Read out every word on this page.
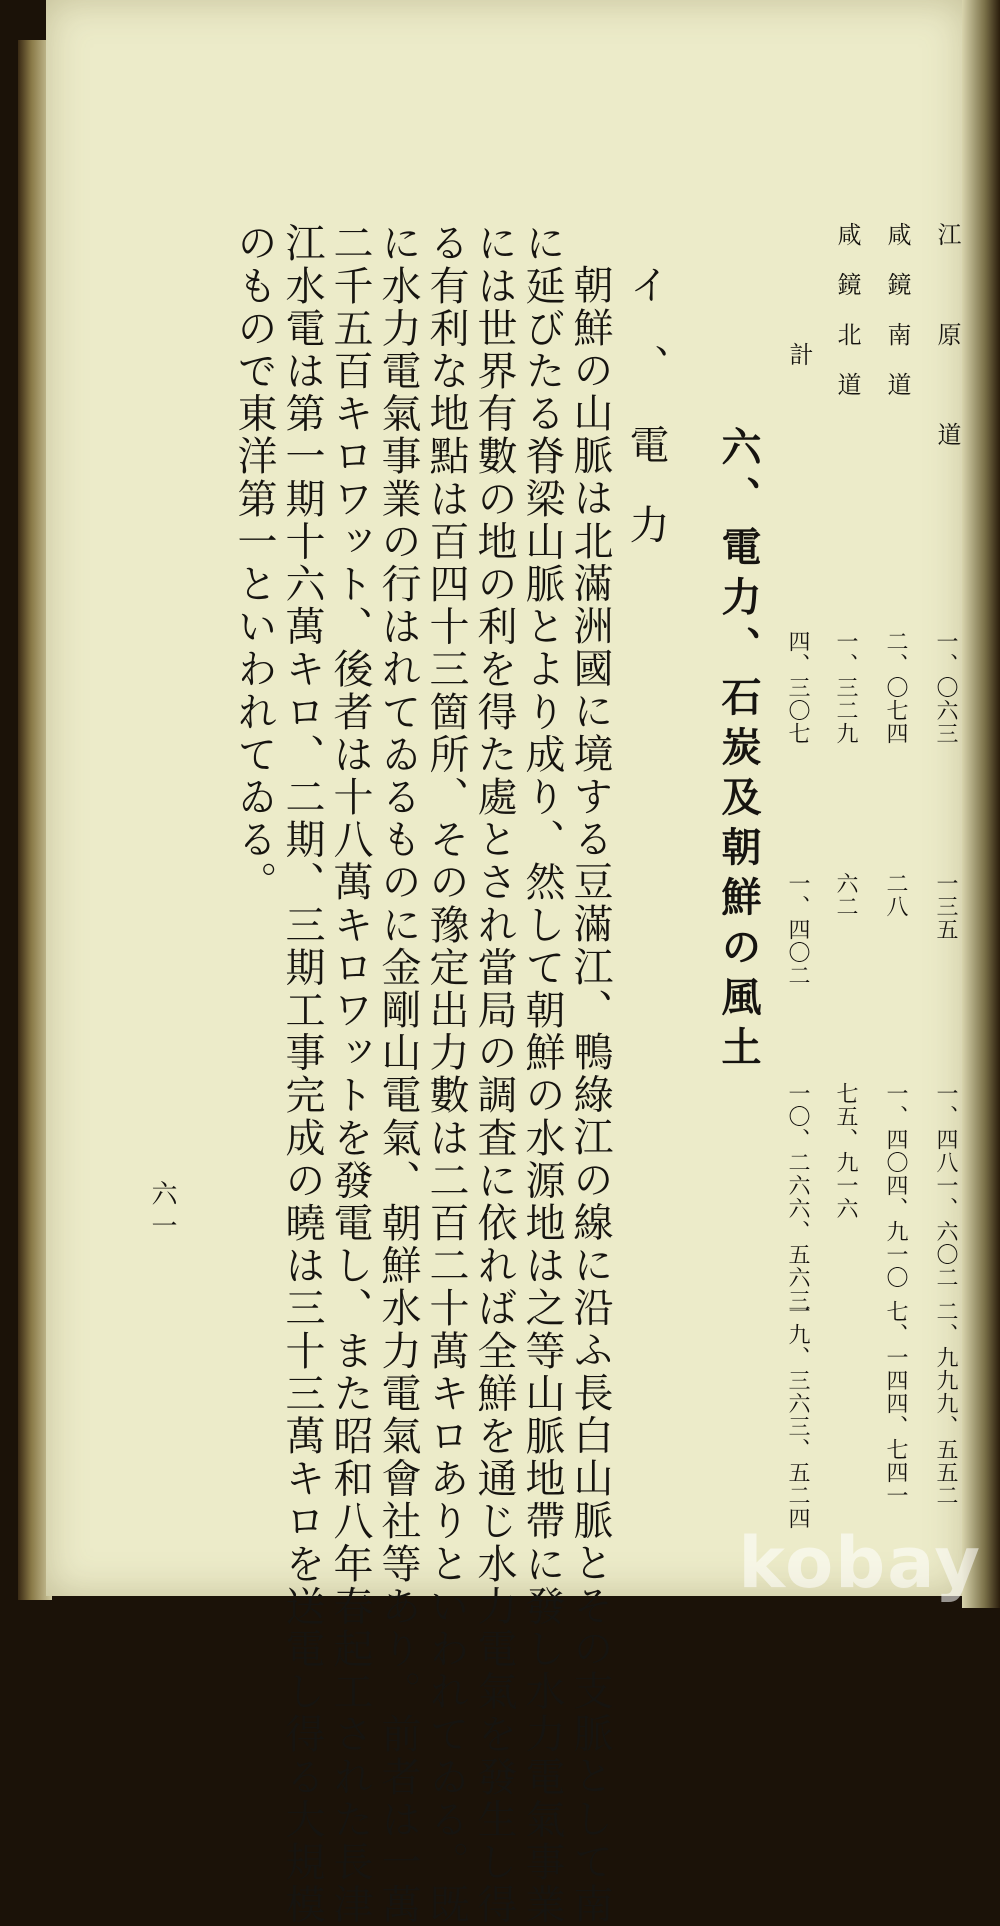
江　原　道
咸鏡南道
咸鏡北道
計
一、〇六三
二、〇七四
一、三二九
四、三〇七
一三五
二八
六二
一、四〇二
一、四八一、六〇二
一、四〇四、九一〇
七五、九一六
一〇、二六六、五六三
二、九九九、五五二
七、一四四、七四一
一九、三六三、五二四
六、電力、石炭及朝鮮の風土
朝鮮の山脈は北滿洲國に境する豆滿江、鴨綠江の線に沿ふ長白山脈とその支脈として南
に延びたる脊梁山脈とより成り、然して朝鮮の水源地は之等山脈地帶に發し水力電氣事業
には世界有數の地の利を得た處とされ當局の調査に依れば全鮮を通じ水力電氣を發生し得
る有利な地點は百四十三箇所、その豫定出力數は二百二十萬キロありといわれてゐる。既
に水力電氣事業の行はれてゐるものに金剛山電氣、朝鮮水力電氣會社等あり。前者は一萬
二千五百キロワット、後者は十八萬キロワットを發電し、また昭和八年春起工された長津
江水電は第一期十六萬キロ、二期、三期工事完成の曉は三十三萬キロを送電し得る大規模
のもので東洋第一といわれてゐる。	イ、電力
六一
kobay
